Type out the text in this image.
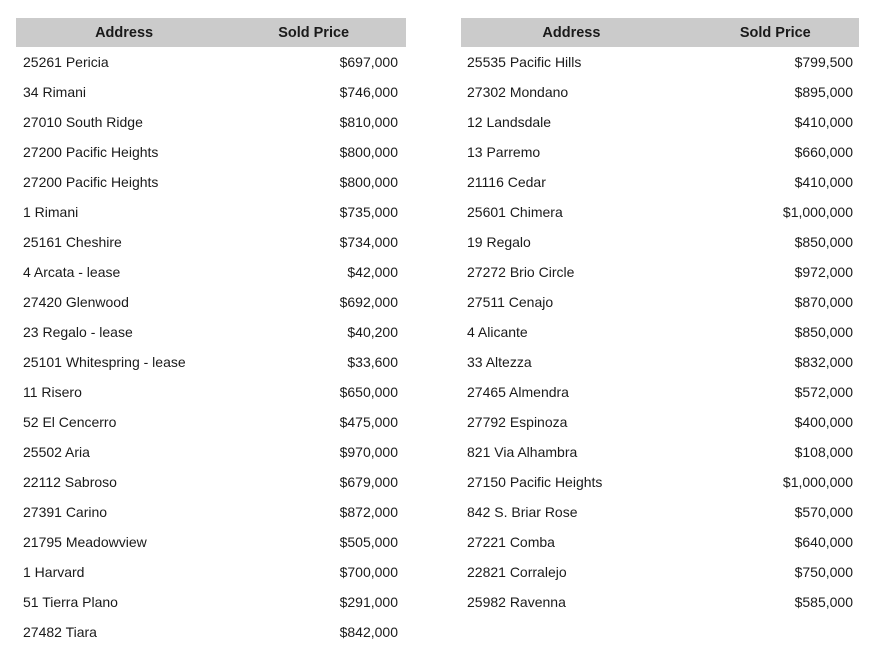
Address	Sold Price
25261 Pericia	$697,000
34 Rimani	$746,000
27010 South Ridge	$810,000
27200 Pacific Heights	$800,000
27200 Pacific Heights	$800,000
1 Rimani	$735,000
25161 Cheshire	$734,000
4 Arcata - lease	$42,000
27420 Glenwood	$692,000
23 Regalo - lease	$40,200
25101 Whitespring - lease	$33,600
11 Risero	$650,000
52 El Cencerro	$475,000
25502 Aria	$970,000
22112 Sabroso	$679,000
27391 Carino	$872,000
21795 Meadowview	$505,000
1 Harvard	$700,000
51 Tierra Plano	$291,000
27482 Tiara	$842,000
Address	Sold Price
25535 Pacific Hills	$799,500
27302 Mondano	$895,000
12 Landsdale	$410,000
13 Parremo	$660,000
21116 Cedar	$410,000
25601 Chimera	$1,000,000
19 Regalo	$850,000
27272 Brio Circle	$972,000
27511 Cenajo	$870,000
4 Alicante	$850,000
33 Altezza	$832,000
27465 Almendra	$572,000
27792 Espinoza	$400,000
821 Via Alhambra	$108,000
27150 Pacific Heights	$1,000,000
842 S. Briar Rose	$570,000
27221 Comba	$640,000
22821 Corralejo	$750,000
25982 Ravenna	$585,000
